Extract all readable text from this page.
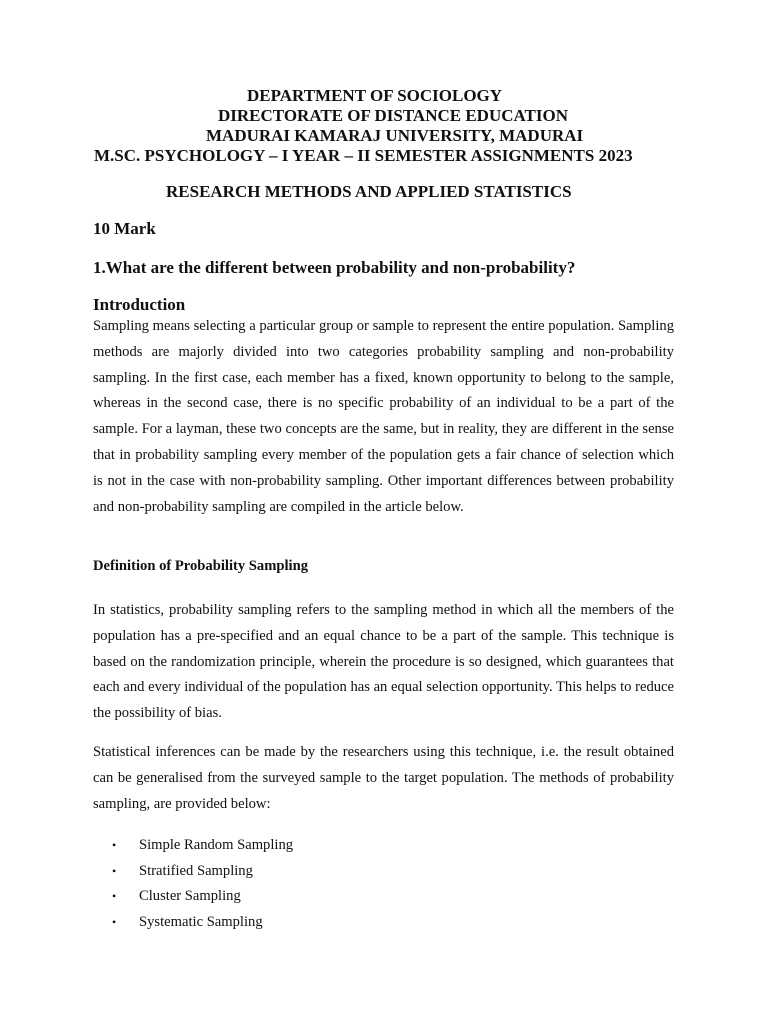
DEPARTMENT OF SOCIOLOGY
DIRECTORATE OF DISTANCE EDUCATION
MADURAI KAMARAJ UNIVERSITY, MADURAI
M.SC. PSYCHOLOGY – I YEAR – II SEMESTER ASSIGNMENTS 2023
RESEARCH METHODS AND APPLIED STATISTICS
10 Mark
1.What are the different between probability and non-probability?
Introduction

Sampling means selecting a particular group or sample to represent the entire population. Sampling methods are majorly divided into two categories probability sampling and non-probability sampling. In the first case, each member has a fixed, known opportunity to belong to the sample, whereas in the second case, there is no specific probability of an individual to be a part of the sample. For a layman, these two concepts are the same, but in reality, they are different in the sense that in probability sampling every member of the population gets a fair chance of selection which is not in the case with non-probability sampling. Other important differences between probability and non-probability sampling are compiled in the article below.

Definition of Probability Sampling

In statistics, probability sampling refers to the sampling method in which all the members of the population has a pre-specified and an equal chance to be a part of the sample. This technique is based on the randomization principle, wherein the procedure is so designed, which guarantees that each and every individual of the population has an equal selection opportunity. This helps to reduce the possibility of bias.

Statistical inferences can be made by the researchers using this technique, i.e. the result obtained can be generalised from the surveyed sample to the target population. The methods of probability sampling, are provided below:

• Simple Random Sampling
• Stratified Sampling
• Cluster Sampling
• Systematic Sampling
